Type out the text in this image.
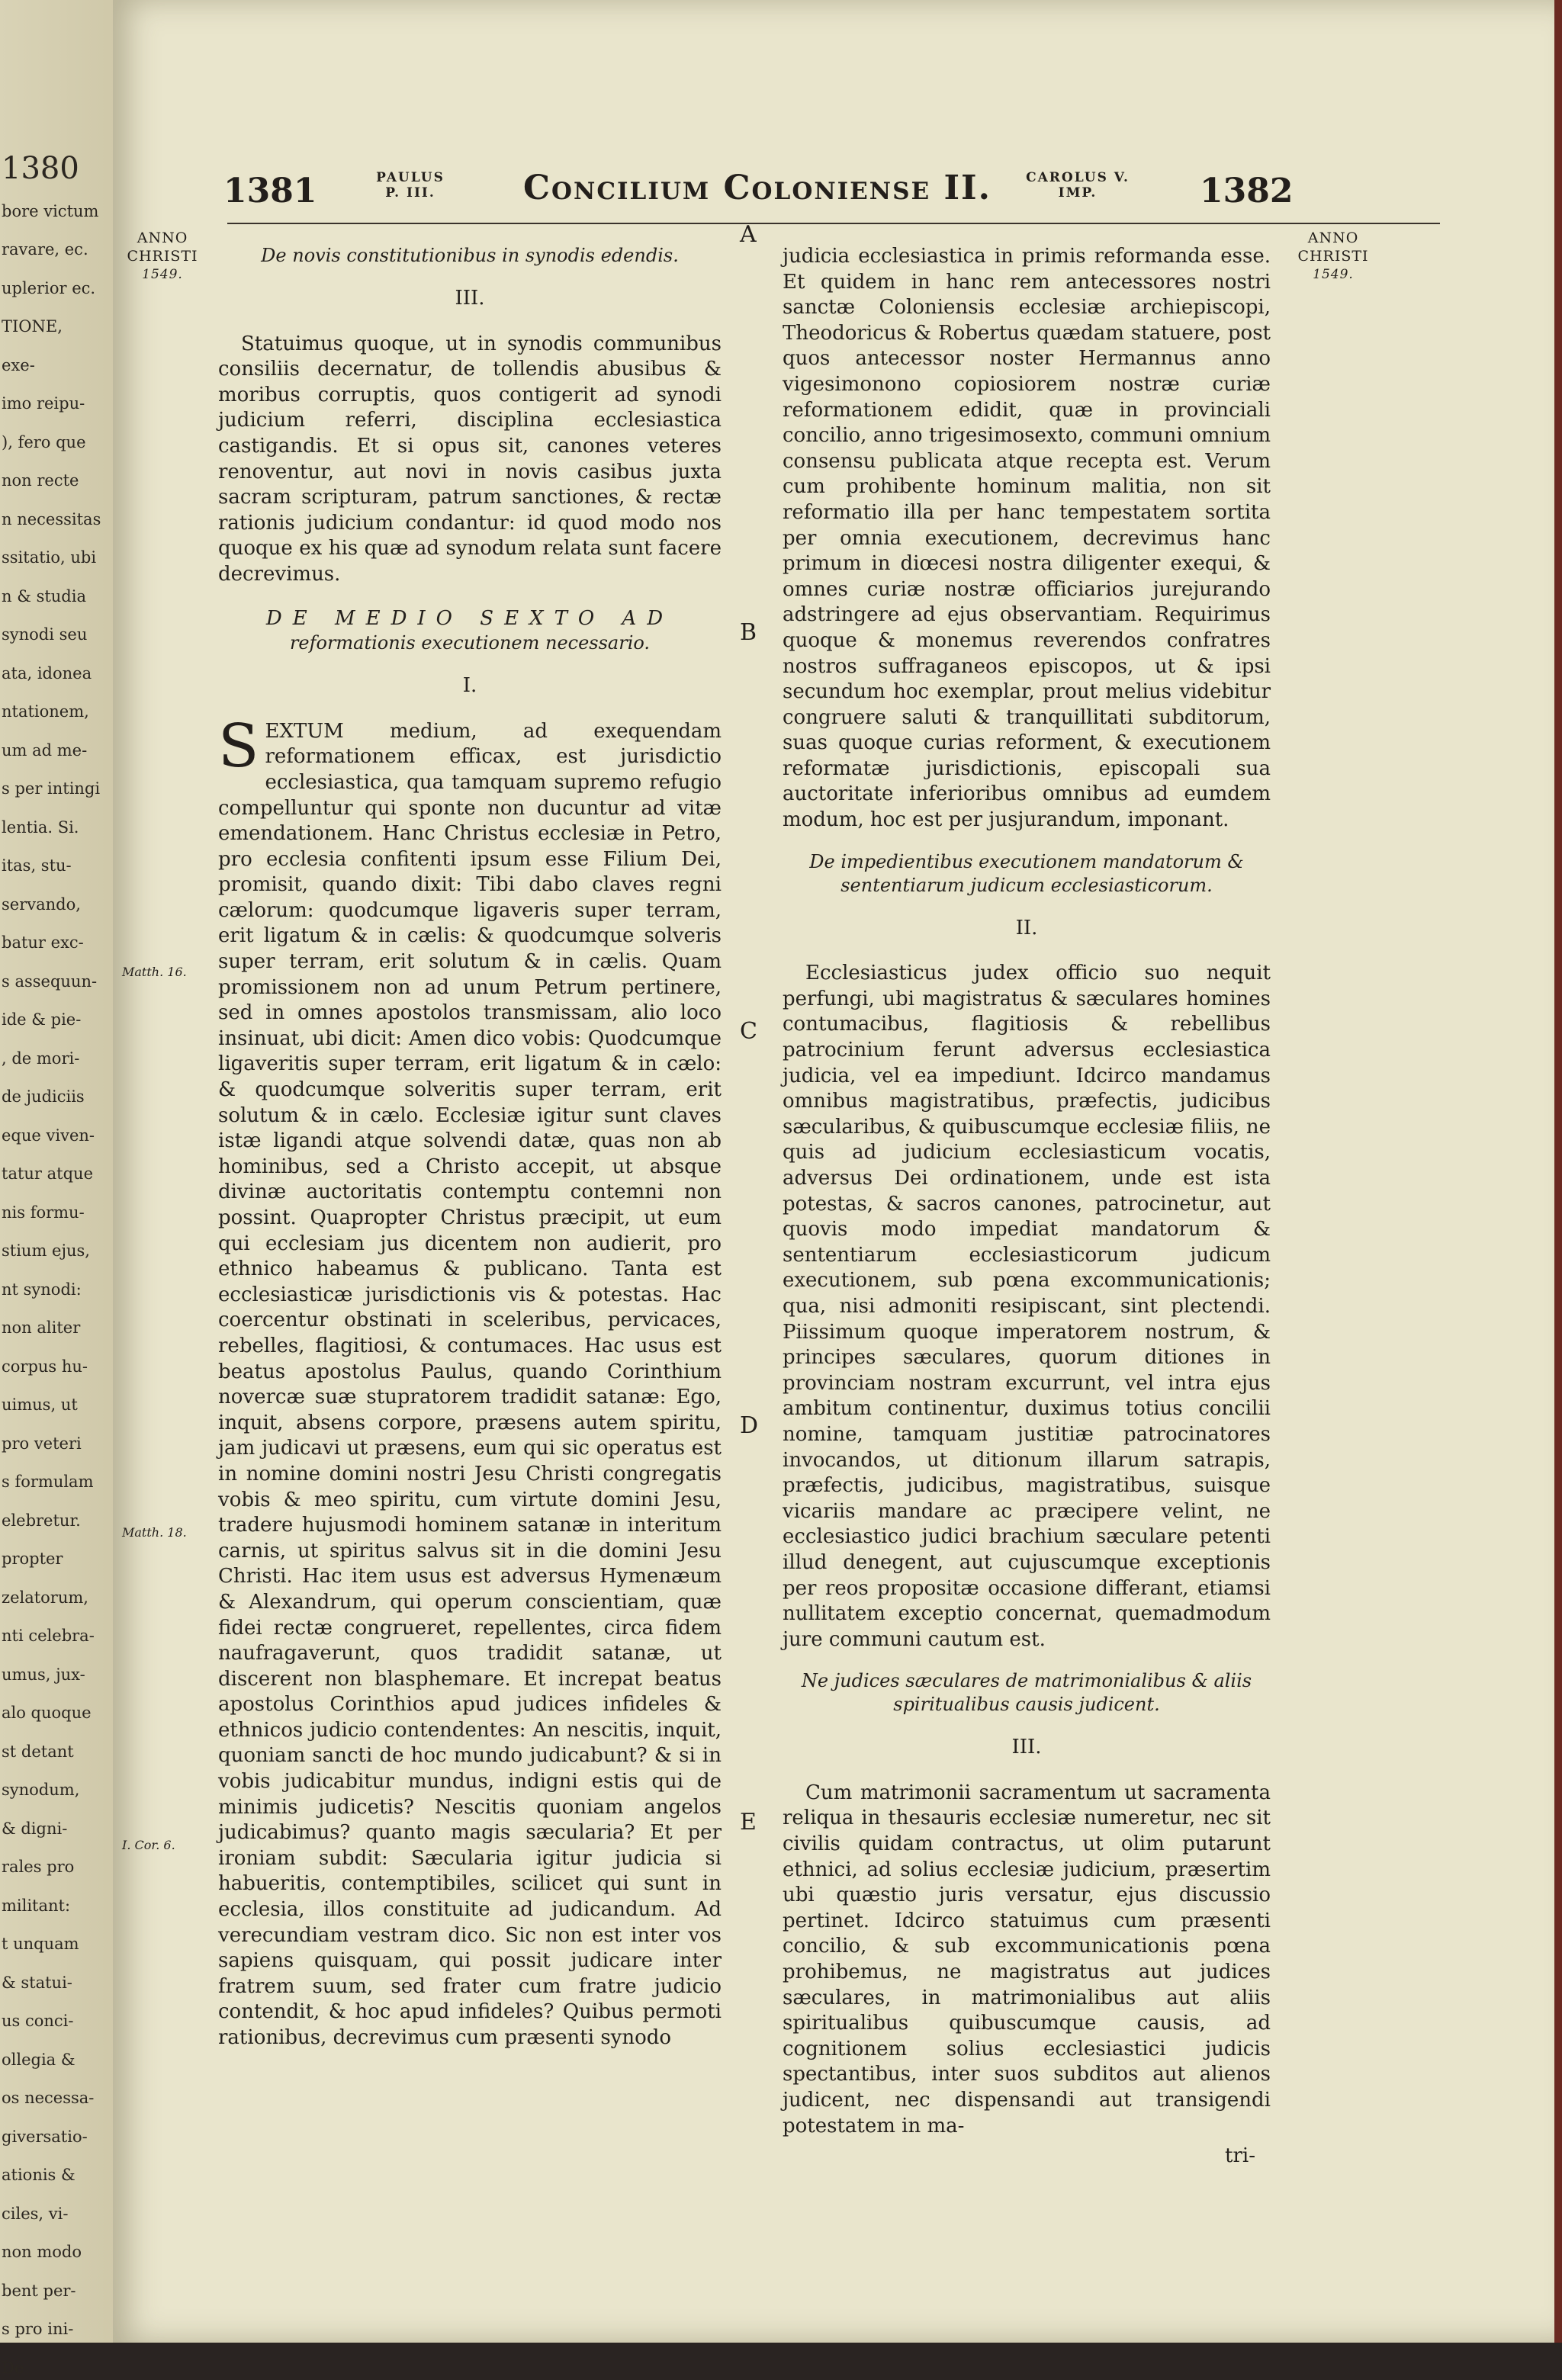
1380
bore victum
ravare, ec.
uplerior ec.
TIONE,
exe-
imo reipu-
), fero que
non recte
n necessitas
ssitatio, ubi
n & studia
synodi seu
ata, idonea
ntationem,
um ad me-
s per intingi
lentia. Si.
itas, stu-
servando,
batur exc-
s assequun-
ide & pie-
, de mori-
de judiciis
eque viven-
tatur atque
nis formu-
stium ejus,
nt synodi:
non aliter
corpus hu-
uimus, ut
pro veteri
s formulam
elebretur.
propter
zelatorum,
nti celebra-
umus, jux-
alo quoque
st detant
synodum,
& digni-
rales pro
militant:
t unquam
& statui-
us conci-
ollegia &
os necessa-
giversatio-
ationis &
ciles, vi-
non modo
bent per-
s pro ini-
De
1381	PAULUS
P. III.	Concilium Coloniense II.	CAROLUS V.
IMP.	1382
ANNO
CHRISTI
1549.
ANNO
CHRISTI
1549.
Matth. 16.
Matth. 18.
I. Cor. 6.
A
B
C
D
E
De novis constitutionibus in synodis edendis.
III.

Statuimus quoque, ut in synodis communibus consiliis decernatur, de tollendis abusibus & moribus corruptis, quos contigerit ad synodi judicium referri, disciplina ecclesiastica castigandis. Et si opus sit, canones veteres renoventur, aut novi in novis casibus juxta sacram scripturam, patrum sanctiones, & rectæ rationis judicium condantur: id quod modo nos quoque ex his quæ ad synodum relata sunt facere decrevimus.

DE MEDIO SEXTO AD
reformationis executionem necessario.
I.

SEXTUM medium, ad exequendam reformationem efficax, est jurisdictio ecclesiastica, qua tamquam supremo refugio compelluntur qui sponte non ducuntur ad vitæ emendationem. Hanc Christus ecclesiæ in Petro, pro ecclesia confitenti ipsum esse Filium Dei, promisit, quando dixit: Tibi dabo claves regni cælorum: quodcumque ligaveris super terram, erit ligatum & in cælis: & quodcumque solveris super terram, erit solutum & in cælis. Quam promissionem non ad unum Petrum pertinere, sed in omnes apostolos transmissam, alio loco insinuat, ubi dicit: Amen dico vobis: Quodcumque ligaveritis super terram, erit ligatum & in cælo: & quodcumque solveritis super terram, erit solutum & in cælo. Ecclesiæ igitur sunt claves istæ ligandi atque solvendi datæ, quas non ab hominibus, sed a Christo accepit, ut absque divinæ auctoritatis contemptu contemni non possint. Quapropter Christus præcipit, ut eum qui ecclesiam jus dicentem non audierit, pro ethnico habeamus & publicano. Tanta est ecclesiasticæ jurisdictionis vis & potestas. Hac coercentur obstinati in sceleribus, pervicaces, rebelles, flagitiosi, & contumaces. Hac usus est beatus apostolus Paulus, quando Corinthium novercæ suæ stupratorem tradidit satanæ: Ego, inquit, absens corpore, præsens autem spiritu, jam judicavi ut præsens, eum qui sic operatus est in nomine domini nostri Jesu Christi congregatis vobis & meo spiritu, cum virtute domini Jesu, tradere hujusmodi hominem satanæ in interitum carnis, ut spiritus salvus sit in die domini Jesu Christi. Hac item usus est adversus Hymenæum & Alexandrum, qui operum conscientiam, quæ fidei rectæ congrueret, repellentes, circa fidem naufragaverunt, quos tradidit satanæ, ut discerent non blasphemare. Et increpat beatus apostolus Corinthios apud judices infideles & ethnicos judicio contendentes: An nescitis, inquit, quoniam sancti de hoc mundo judicabunt? & si in vobis judicabitur mundus, indigni estis qui de minimis judicetis? Nescitis quoniam angelos judicabimus? quanto magis sæcularia? Et per ironiam subdit: Sæcularia igitur judicia si habueritis, contemptibiles, scilicet qui sunt in ecclesia, illos constituite ad judicandum. Ad verecundiam vestram dico. Sic non est inter vos sapiens quisquam, qui possit judicare inter fratrem suum, sed frater cum fratre judicio contendit, & hoc apud infideles? Quibus permoti rationibus, decrevimus cum præsenti synodo

judicia ecclesiastica in primis reformanda esse. Et quidem in hanc rem antecessores nostri sanctæ Coloniensis ecclesiæ archiepiscopi, Theodoricus & Robertus quædam statuere, post quos antecessor noster Hermannus anno vigesimonono copiosiorem nostræ curiæ reformationem edidit, quæ in provinciali concilio, anno trigesimosexto, communi omnium consensu publicata atque recepta est. Verum cum prohibente hominum malitia, non sit reformatio illa per hanc tempestatem sortita per omnia executionem, decrevimus hanc primum in diœcesi nostra diligenter exequi, & omnes curiæ nostræ officiarios jurejurando adstringere ad ejus observantiam. Requirimus quoque & monemus reverendos confratres nostros suffraganeos episcopos, ut & ipsi secundum hoc exemplar, prout melius videbitur congruere saluti & tranquillitati subditorum, suas quoque curias reforment, & executionem reformatæ jurisdictionis, episcopali sua auctoritate inferioribus omnibus ad eumdem modum, hoc est per jusjurandum, imponant.

De impedientibus executionem mandatorum & sententiarum judicum ecclesiasticorum.
II.

Ecclesiasticus judex officio suo nequit perfungi, ubi magistratus & sæculares homines contumacibus, flagitiosis & rebellibus patrocinium ferunt adversus ecclesiastica judicia, vel ea impediunt. Idcirco mandamus omnibus magistratibus, præfectis, judicibus sæcularibus, & quibuscumque ecclesiæ filiis, ne quis ad judicium ecclesiasticum vocatis, adversus Dei ordinationem, unde est ista potestas, & sacros canones, patrocinetur, aut quovis modo impediat mandatorum & sententiarum ecclesiasticorum judicum executionem, sub pœna excommunicationis; qua, nisi admoniti resipiscant, sint plectendi. Piissimum quoque imperatorem nostrum, & principes sæculares, quorum ditiones in provinciam nostram excurrunt, vel intra ejus ambitum continentur, duximus totius concilii nomine, tamquam justitiæ patrocinatores invocandos, ut ditionum illarum satrapis, præfectis, judicibus, magistratibus, suisque vicariis mandare ac præcipere velint, ne ecclesiastico judici brachium sæculare petenti illud denegent, aut cujuscumque exceptionis per reos propositæ occasione differant, etiamsi nullitatem exceptio concernat, quemadmodum jure communi cautum est.

Ne judices sæculares de matrimonialibus & aliis spiritualibus causis judicent.
III.

Cum matrimonii sacramentum ut sacramenta reliqua in thesauris ecclesiæ numeretur, nec sit civilis quidam contractus, ut olim putarunt ethnici, ad solius ecclesiæ judicium, præsertim ubi quæstio juris versatur, ejus discussio pertinet. Idcirco statuimus cum præsenti concilio, & sub excommunicationis pœna prohibemus, ne magistratus aut judices sæculares, in matrimonialibus aut aliis spiritualibus quibuscumque causis, ad cognitionem solius ecclesiastici judicis spectantibus, inter suos subditos aut alienos judicent, nec dispensandi aut transigendi potestatem in ma-

tri-
